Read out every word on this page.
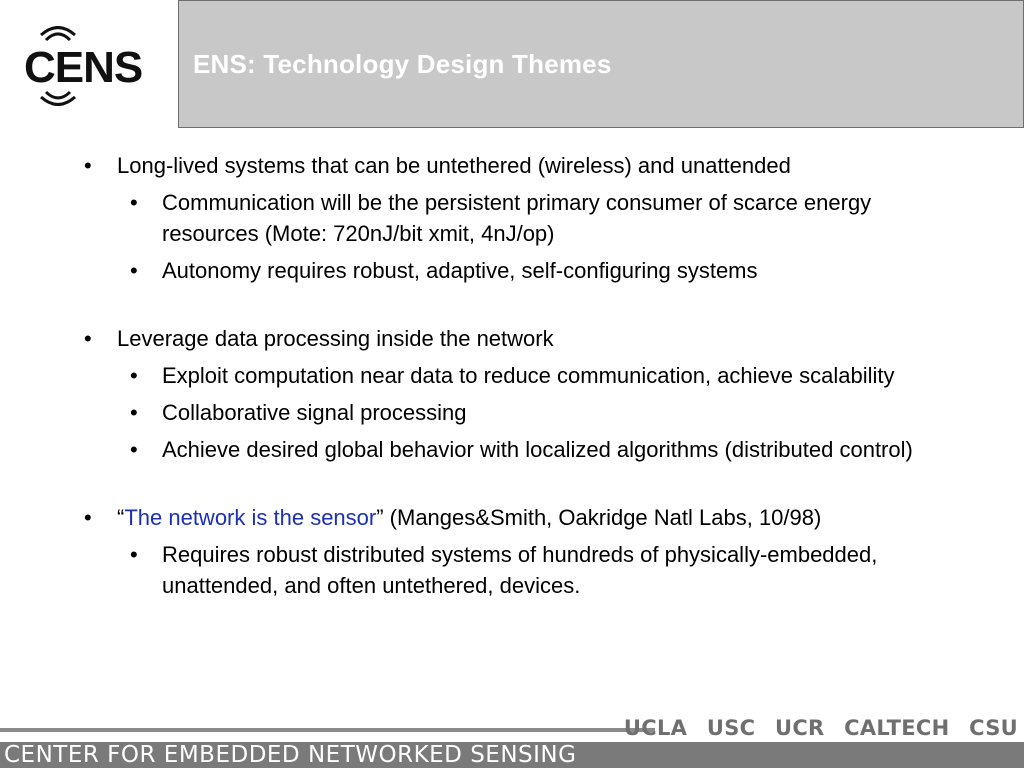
CENS ENS: Technology Design Themes
• Long-lived systems that can be untethered (wireless) and unattended
• Communication will be the persistent primary consumer of scarce energy resources (Mote: 720nJ/bit xmit, 4nJ/op)
• Autonomy requires robust, adaptive, self-configuring systems
• Leverage data processing inside the network
• Exploit computation near data to reduce communication, achieve scalability
• Collaborative signal processing
• Achieve desired global behavior with localized algorithms (distributed control)
• “The network is the sensor” (Manges&Smith, Oakridge Natl Labs, 10/98)
• Requires robust distributed systems of hundreds of physically-embedded, unattended, and often untethered, devices.
UCLA USC UCR CALTECH CSU
CENTER FOR EMBEDDED NETWORKED SENSING
